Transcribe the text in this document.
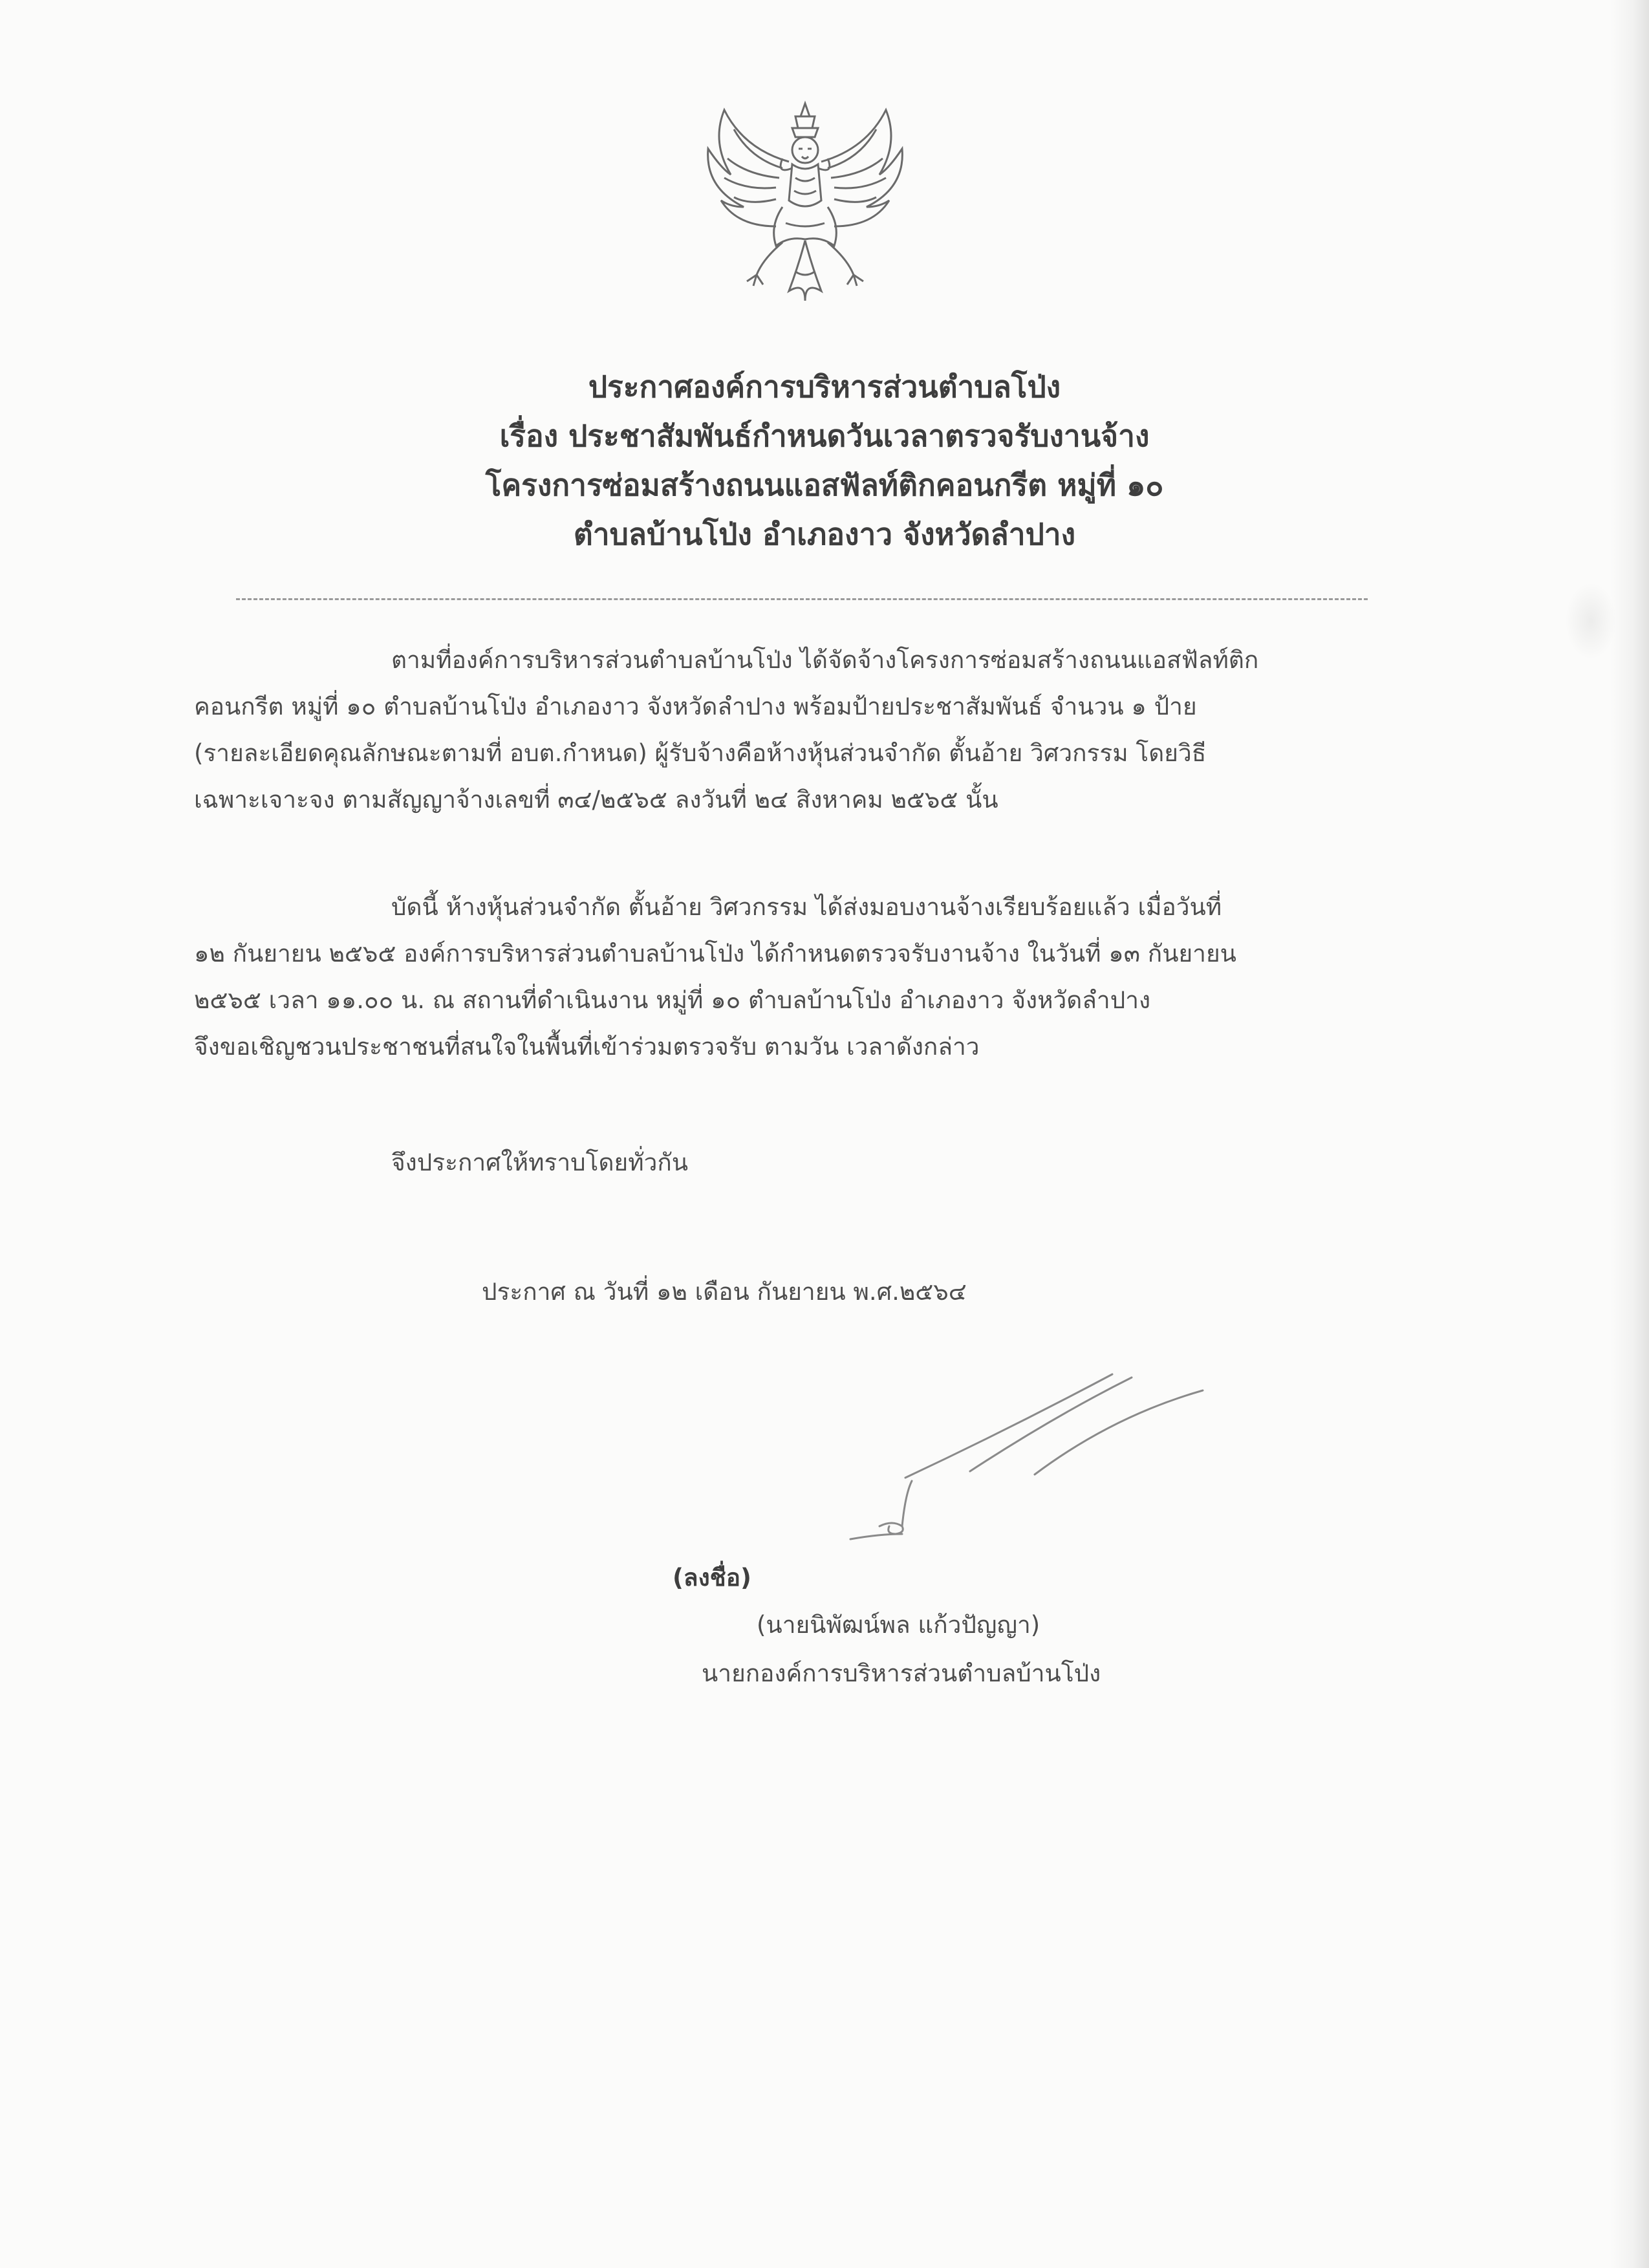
ประกาศองค์การบริหารส่วนตำบลโป่ง
เรื่อง ประชาสัมพันธ์กำหนดวันเวลาตรวจรับงานจ้าง
โครงการซ่อมสร้างถนนแอสฟัลท์ติกคอนกรีต หมู่ที่ ๑๐
ตำบลบ้านโป่ง อำเภองาว จังหวัดลำปาง
ตามที่องค์การบริหารส่วนตำบลบ้านโป่ง ได้จัดจ้างโครงการซ่อมสร้างถนนแอสฟัลท์ติก
คอนกรีต หมู่ที่ ๑๐ ตำบลบ้านโป่ง อำเภองาว จังหวัดลำปาง พร้อมป้ายประชาสัมพันธ์ จำนวน ๑ ป้าย
(รายละเอียดคุณลักษณะตามที่ อบต.กำหนด) ผู้รับจ้างคือห้างหุ้นส่วนจำกัด ตั้นอ้าย วิศวกรรม โดยวิธี
เฉพาะเจาะจง ตามสัญญาจ้างเลขที่ ๓๔/๒๕๖๕ ลงวันที่ ๒๔ สิงหาคม ๒๕๖๕ นั้น
บัดนี้ ห้างหุ้นส่วนจำกัด ตั้นอ้าย วิศวกรรม ได้ส่งมอบงานจ้างเรียบร้อยแล้ว เมื่อวันที่
๑๒ กันยายน ๒๕๖๕ องค์การบริหารส่วนตำบลบ้านโป่ง ได้กำหนดตรวจรับงานจ้าง ในวันที่ ๑๓ กันยายน
๒๕๖๕ เวลา ๑๑.๐๐ น. ณ สถานที่ดำเนินงาน หมู่ที่ ๑๐ ตำบลบ้านโป่ง อำเภองาว จังหวัดลำปาง
จึงขอเชิญชวนประชาชนที่สนใจในพื้นที่เข้าร่วมตรวจรับ ตามวัน เวลาดังกล่าว
จึงประกาศให้ทราบโดยทั่วกัน
ประกาศ ณ วันที่ ๑๒ เดือน กันยายน พ.ศ.๒๕๖๔
(ลงชื่อ)
(นายนิพัฒน์พล แก้วปัญญา)
นายกองค์การบริหารส่วนตำบลบ้านโป่ง
